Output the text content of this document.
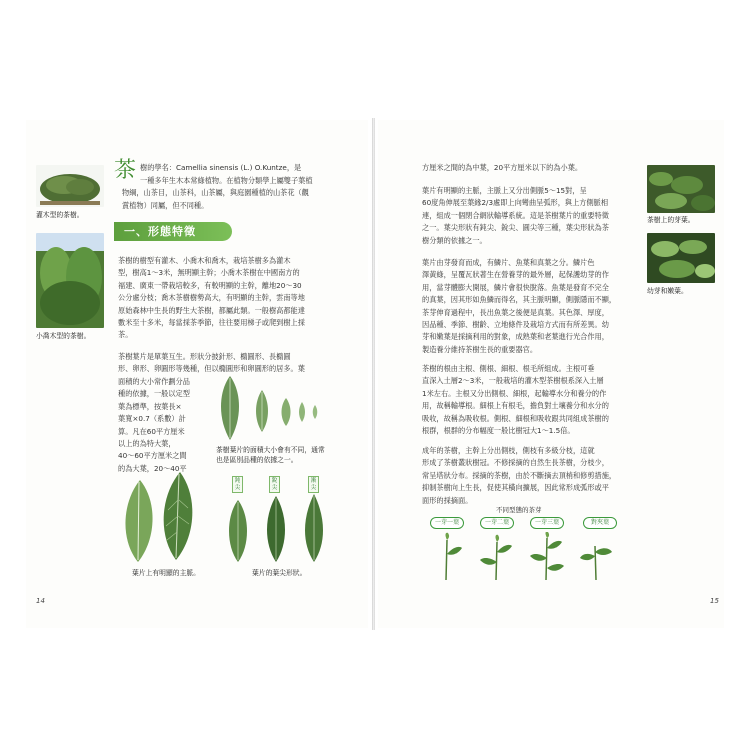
灌木型的茶樹。
小喬木型的茶樹。
茶 樹的學名：Camellia sinensis (L.) O.Kuntze，是
一種多年生木本常綠植物。在植物分類學上屬雙子葉植
物綱，山茶目，山茶科，山茶屬，與庭園種植的山茶花（觀
賞植物）同屬，但不同種。
一、形態特徵
茶樹的樹型有灌木、小喬木和喬木，栽培茶樹多為灌木
型，樹高1～3米，無明顯主幹；小喬木茶樹在中國南方的
福建、廣東一帶栽培較多，有較明顯的主幹，離地20～30
公分處分枝；喬木茶樹樹勢高大，有明顯的主幹，雲南等地
原始森林中生長的野生大茶樹，都屬此類。一般樹高都能達
數米至十多米，每當採茶季節，往往要用梯子或爬到樹上採
茶。
茶樹葉片是單葉互生。形狀分披針形、橢圓形、長橢圓
形、卵形、卵圓形等幾種，但以橢圓形和卵圓形的居多。葉
面積的大小常作劃分品
種的依據，一般以定型
葉為標準，按葉長×
葉寬×0.7（系數）計
算。凡在60平方厘米
以上的為特大葉，
40～60平方厘米之間
的為大葉，20～40平
茶樹葉片的面積大小會有不同，通常
也是區別品種的依據之一。
葉片上有明顯的主脈。
鈍尖
銳尖
漸尖
葉片的葉尖形狀。
14
方厘米之間的為中葉，20平方厘米以下的為小葉。
葉片有明顯的主脈，主脈上又分出側脈5～15對，呈
60度角伸展至葉緣2/3處即上向彎曲呈弧形，與上方側脈相
連，組成一個閉合網狀輸導系統。這是茶樹葉片的重要特徵
之一。葉尖形狀有鈍尖、銳尖、圓尖等三種，葉尖形狀為茶
樹分類的依據之一。
葉片由芽發育而成，有鱗片、魚葉和真葉之分。鱗片色
澤黃綠，呈覆瓦狀著生在營養芽的最外層，起保護幼芽的作
用，當芽體膨大開展，鱗片會很快脫落。魚葉是發育不完全
的真葉，因其形如魚鱗而得名，其主脈明顯，側脈隱而不顯，
茶芽伸育過程中，長出魚葉之後便是真葉。其色澤、厚度，
因品種、季節、樹齡、立地條件及栽培方式而有所差異。幼
芽和嫩葉是採摘利用的對象，成熟葉和老葉進行光合作用，
製造養分維持茶樹生長的重要器官。
茶樹的根由主根、側根、細根、根毛所組成。主根可垂
直深入土層2～3米，一般栽培的灌木型茶樹根系深入土層
1米左右。主根又分出側根、細根，起輸導水分和養分的作
用，故稱輸導根。細根上有根毛，擔負對土壤養分和水分的
吸收，故稱為吸收根。側根、細根和吸收跟共同組成茶樹的
根群，根群的分布幅度一般比樹冠大1～1.5倍。
成年的茶樹，主幹上分出側枝，側枝有多級分枝，這就
形成了茶樹叢狀樹冠。不修採摘的自然生長茶樹，分枝少，
常呈塔狀分布。採摘的茶樹，由於不斷摘去頂梢和修剪措施，
抑制茶樹向上生長，促使其橫向擴展，因此常形成弧形或平
面形的採摘面。
不同型態的茶芽
一芽一葉	一芽二葉	一芽三葉	對夾葉
茶樹上的芽葉。
幼芽和嫩葉。
15
